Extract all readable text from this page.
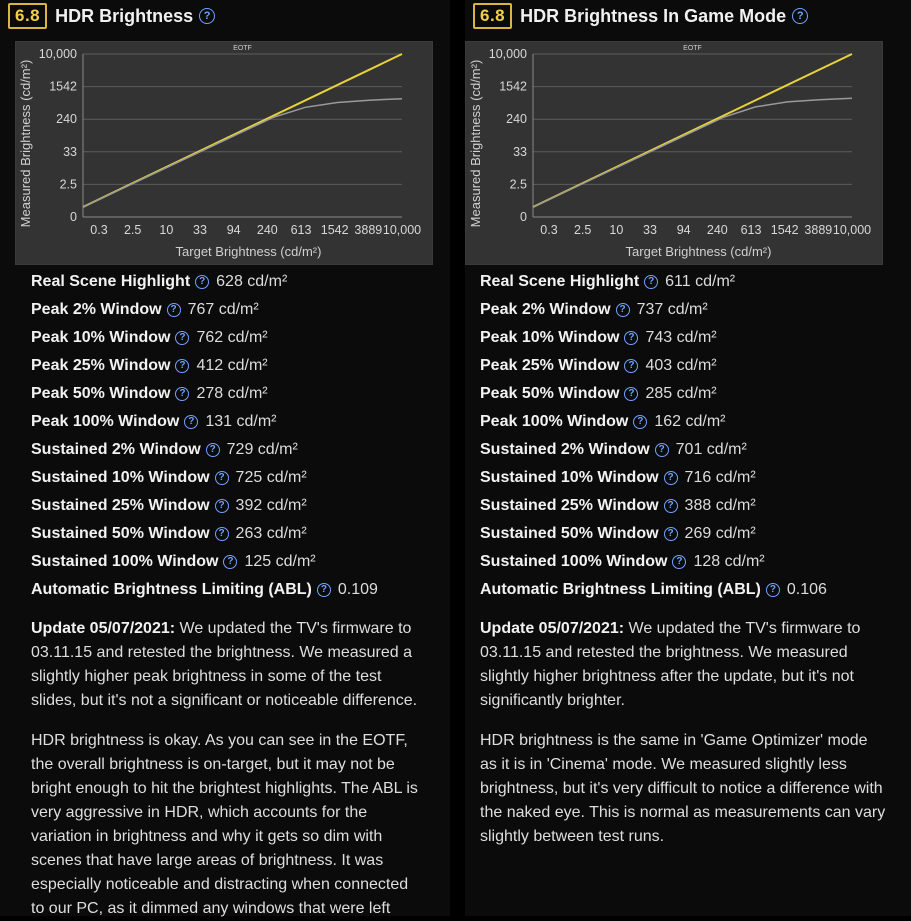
6.8 HDR Brightness ?
EOTF
0
2.5
33
240
1542
10,000
0.3 2.5 10 33 94 240 613 1542 3889 10,000
Target Brightness (cd/m²)
Measured Brightness (cd/m²)
Real Scene Highlight ? 628 cd/m²
Peak 2% Window ? 767 cd/m²
Peak 10% Window ? 762 cd/m²
Peak 25% Window ? 412 cd/m²
Peak 50% Window ? 278 cd/m²
Peak 100% Window ? 131 cd/m²
Sustained 2% Window ? 729 cd/m²
Sustained 10% Window ? 725 cd/m²
Sustained 25% Window ? 392 cd/m²
Sustained 50% Window ? 263 cd/m²
Sustained 100% Window ? 125 cd/m²
Automatic Brightness Limiting (ABL) ? 0.109

Update 05/07/2021: We updated the TV's firmware to 03.11.15 and retested the brightness. We measured a slightly higher peak brightness in some of the test slides, but it's not a significant or noticeable difference.

HDR brightness is okay. As you can see in the EOTF, the overall brightness is on-target, but it may not be bright enough to hit the brightest highlights. The ABL is very aggressive in HDR, which accounts for the variation in brightness and why it gets so dim with scenes that have large areas of brightness. It was especially noticeable and distracting when connected to our PC, as it dimmed any windows that were left

6.8 HDR Brightness In Game Mode ?
EOTF
0
2.5
33
240
1542
10,000
0.3 2.5 10 33 94 240 613 1542 3889 10,000
Target Brightness (cd/m²)
Measured Brightness (cd/m²)
Real Scene Highlight ? 611 cd/m²
Peak 2% Window ? 737 cd/m²
Peak 10% Window ? 743 cd/m²
Peak 25% Window ? 403 cd/m²
Peak 50% Window ? 285 cd/m²
Peak 100% Window ? 162 cd/m²
Sustained 2% Window ? 701 cd/m²
Sustained 10% Window ? 716 cd/m²
Sustained 25% Window ? 388 cd/m²
Sustained 50% Window ? 269 cd/m²
Sustained 100% Window ? 128 cd/m²
Automatic Brightness Limiting (ABL) ? 0.106

Update 05/07/2021: We updated the TV's firmware to 03.11.15 and retested the brightness. We measured slightly higher brightness after the update, but it's not significantly brighter.

HDR brightness is the same in 'Game Optimizer' mode as it is in 'Cinema' mode. We measured slightly less brightness, but it's very difficult to notice a difference with the naked eye. This is normal as measurements can vary slightly between test runs.
